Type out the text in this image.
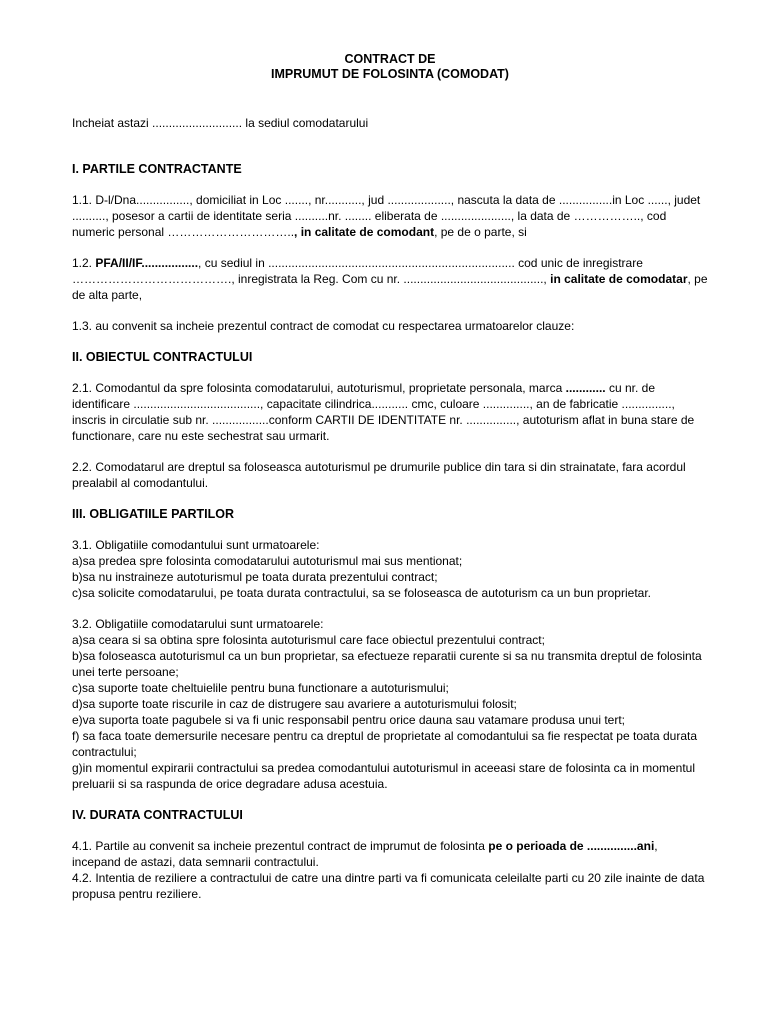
CONTRACT DE
IMPRUMUT DE FOLOSINTA (COMODAT)

Incheiat astazi ........................... la sediul comodatarului

I. PARTILE CONTRACTANTE

1.1. D-l/Dna................, domiciliat in Loc ......., nr..........., jud ..................., nascuta la data de ................in Loc ......, judet .........., posesor a cartii de identitate seria ..........nr. ........ eliberata de ....................., la data de …………….., cod numeric personal ………………………….., in calitate de comodant, pe de o parte, si

1.2. PFA/II/IF................., cu sediul in .......................................................................... cod unic de inregistrare …………………………………., inregistrata la Reg. Com cu nr. .........................................., in calitate de comodatar, pe de alta parte,

1.3. au convenit sa incheie prezentul contract de comodat cu respectarea urmatoarelor clauze:

II. OBIECTUL CONTRACTULUI

2.1. Comodantul da spre folosinta comodatarului, autoturismul, proprietate personala, marca ............ cu nr. de identificare ......................................, capacitate cilindrica........... cmc, culoare .............., an de fabricatie ..............., inscris in circulatie sub nr. .................conform CARTII DE IDENTITATE nr. ..............., autoturism aflat in buna stare de functionare, care nu este sechestrat sau urmarit.

2.2. Comodatarul are dreptul sa foloseasca autoturismul pe drumurile publice din tara si din strainatate, fara acordul prealabil al comodantului.

III. OBLIGATIILE PARTILOR

3.1. Obligatiile comodantului sunt urmatoarele:

a)sa predea spre folosinta comodatarului autoturismul mai sus mentionat;

b)sa nu instraineze autoturismul pe toata durata prezentului contract;

c)sa solicite comodatarului, pe toata durata contractului, sa se foloseasca de autoturism ca un bun proprietar.

3.2. Obligatiile comodatarului sunt urmatoarele:

a)sa ceara si sa obtina spre folosinta autoturismul care face obiectul prezentului contract;

b)sa foloseasca autoturismul ca un bun proprietar, sa efectueze reparatii curente si sa nu transmita dreptul de folosinta unei terte persoane;

c)sa suporte toate cheltuielile pentru buna functionare a autoturismului;

d)sa suporte toate riscurile in caz de distrugere sau avariere a autoturismului folosit;

e)va suporta toate pagubele si va fi unic responsabil pentru orice dauna sau vatamare produsa unui tert;

f) sa faca toate demersurile necesare pentru ca dreptul de proprietate al comodantului sa fie respectat pe toata durata contractului;

g)in momentul expirarii contractului sa predea comodantului autoturismul in aceeasi stare de folosinta ca in momentul preluarii si sa raspunda de orice degradare adusa acestuia.

IV. DURATA CONTRACTULUI

4.1. Partile au convenit sa incheie prezentul contract de imprumut de folosinta pe o perioada de ...............ani, incepand de astazi, data semnarii contractului.

4.2. Intentia de reziliere a contractului de catre una dintre parti va fi comunicata celeilalte parti cu 20 zile inainte de data propusa pentru reziliere.
